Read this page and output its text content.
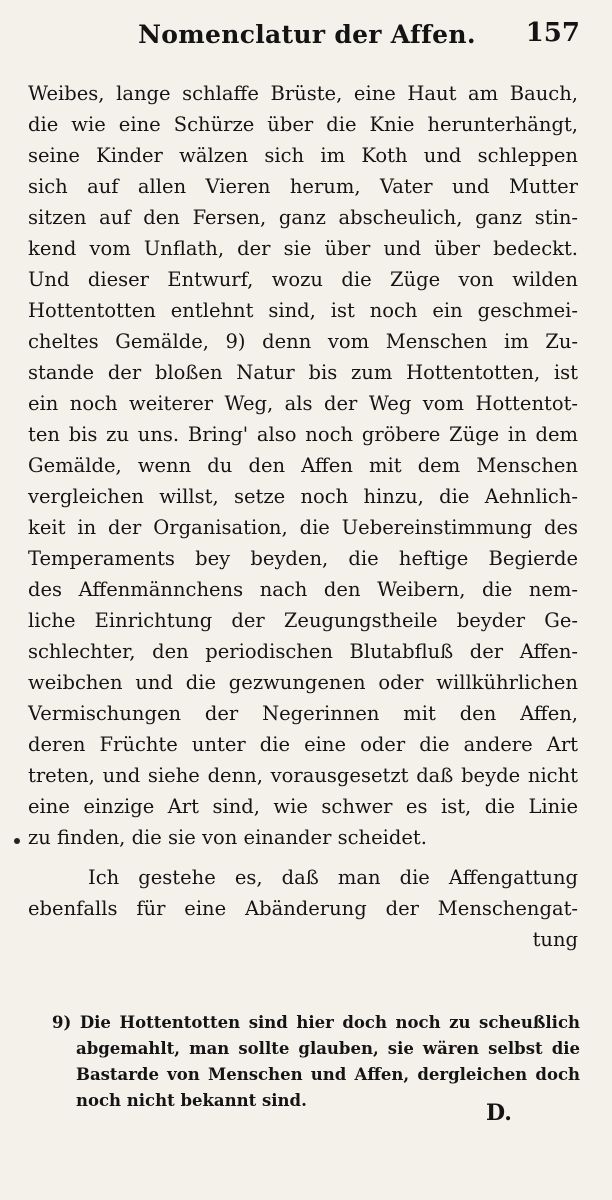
Nomenclatur der Affen.	157
Weibes, lange schlaffe Brüste, eine Haut am Bauch,
die wie eine Schürze über die Knie herunterhängt,
seine Kinder wälzen sich im Koth und schleppen
sich auf allen Vieren herum, Vater und Mutter
sitzen auf den Fersen, ganz abscheulich, ganz stin-
kend vom Unflath, der sie über und über bedeckt.
Und dieser Entwurf, wozu die Züge von wilden
Hottentotten entlehnt sind, ist noch ein geschmei-
cheltes Gemälde, 9) denn vom Menschen im Zu-
stande der bloßen Natur bis zum Hottentotten, ist
ein noch weiterer Weg, als der Weg vom Hottentot-
ten bis zu uns. Bring' also noch gröbere Züge in dem
Gemälde, wenn du den Affen mit dem Menschen
vergleichen willst, setze noch hinzu, die Aehnlich-
keit in der Organisation, die Uebereinstimmung des
Temperaments bey beyden, die heftige Begierde
des Affenmännchens nach den Weibern, die nem-
liche Einrichtung der Zeugungstheile beyder Ge-
schlechter, den periodischen Blutabfluß der Affen-
weibchen und die gezwungenen oder willkührlichen
Vermischungen der Negerinnen mit den Affen,
deren Früchte unter die eine oder die andere Art
treten, und siehe denn, vorausgesetzt daß beyde nicht
eine einzige Art sind, wie schwer es ist, die Linie
zu finden, die sie von einander scheidet.
Ich gestehe es, daß man die Affengattung
ebenfalls für eine Abänderung der Menschengat-
tung
9) Die Hottentotten sind hier doch noch zu scheußlich
abgemahlt, man sollte glauben, sie wären selbst die
Bastarde von Menschen und Affen, dergleichen doch
noch nicht bekannt sind.	D.
